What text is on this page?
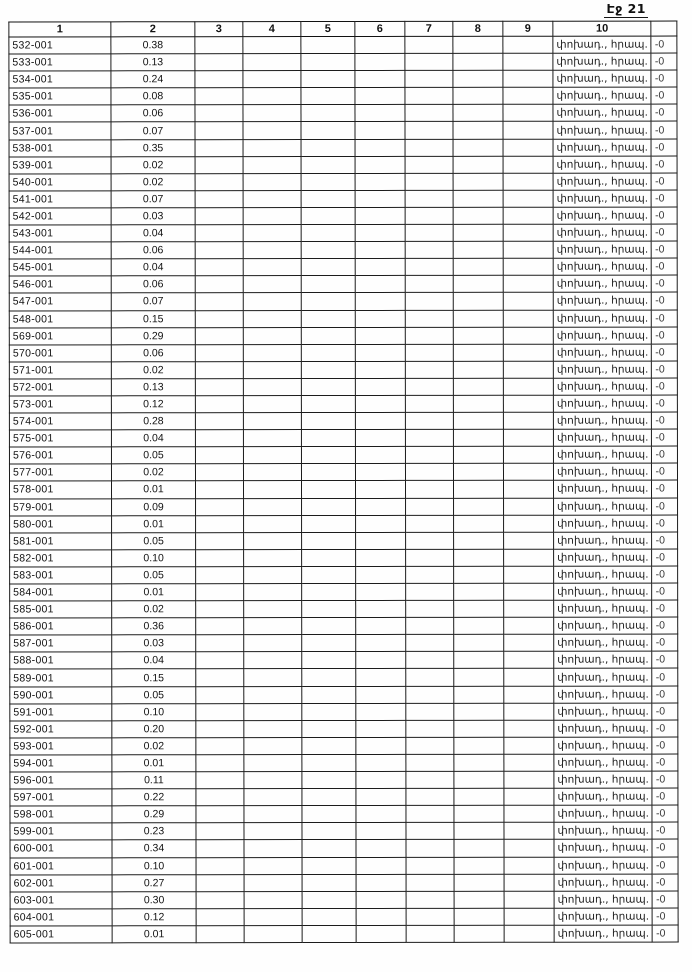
Էջ 21
1	2	3	4	5	6	7	8	9	10	
532-001	0.38								փոխադ., հրապ.	-0
533-001	0.13								փոխադ., հրապ.	-0
534-001	0.24								փոխադ., հրապ.	-0
535-001	0.08								փոխադ., հրապ.	-0
536-001	0.06								փոխադ., հրապ.	-0
537-001	0.07								փոխադ., հրապ.	-0
538-001	0.35								փոխադ., հրապ.	-0
539-001	0.02								փոխադ., հրապ.	-0
540-001	0.02								փոխադ., հրապ.	-0
541-001	0.07								փոխադ., հրապ.	-0
542-001	0.03								փոխադ., հրապ.	-0
543-001	0.04								փոխադ., հրապ.	-0
544-001	0.06								փոխադ., հրապ.	-0
545-001	0.04								փոխադ., հրապ.	-0
546-001	0.06								փոխադ., հրապ.	-0
547-001	0.07								փոխադ., հրապ.	-0
548-001	0.15								փոխադ., հրապ.	-0
569-001	0.29								փոխադ., հրապ.	-0
570-001	0.06								փոխադ., հրապ.	-0
571-001	0.02								փոխադ., հրապ.	-0
572-001	0.13								փոխադ., հրապ.	-0
573-001	0.12								փոխադ., հրապ.	-0
574-001	0.28								փոխադ., հրապ.	-0
575-001	0.04								փոխադ., հրապ.	-0
576-001	0.05								փոխադ., հրապ.	-0
577-001	0.02								փոխադ., հրապ.	-0
578-001	0.01								փոխադ., հրապ.	-0
579-001	0.09								փոխադ., հրապ.	-0
580-001	0.01								փոխադ., հրապ.	-0
581-001	0.05								փոխադ., հրապ.	-0
582-001	0.10								փոխադ., հրապ.	-0
583-001	0.05								փոխադ., հրապ.	-0
584-001	0.01								փոխադ., հրապ.	-0
585-001	0.02								փոխադ., հրապ.	-0
586-001	0.36								փոխադ., հրապ.	-0
587-001	0.03								փոխադ., հրապ.	-0
588-001	0.04								փոխադ., հրապ.	-0
589-001	0.15								փոխադ., հրապ.	-0
590-001	0.05								փոխադ., հրապ.	-0
591-001	0.10								փոխադ., հրապ.	-0
592-001	0.20								փոխադ., հրապ.	-0
593-001	0.02								փոխադ., հրապ.	-0
594-001	0.01								փոխադ., հրապ.	-0
596-001	0.11								փոխադ., հրապ.	-0
597-001	0.22								փոխադ., հրապ.	-0
598-001	0.29								փոխադ., հրապ.	-0
599-001	0.23								փոխադ., հրապ.	-0
600-001	0.34								փոխադ., հրապ.	-0
601-001	0.10								փոխադ., հրապ.	-0
602-001	0.27								փոխադ., հրապ.	-0
603-001	0.30								փոխադ., հրապ.	-0
604-001	0.12								փոխադ., հրապ.	-0
605-001	0.01								փոխադ., հրապ.	-0
